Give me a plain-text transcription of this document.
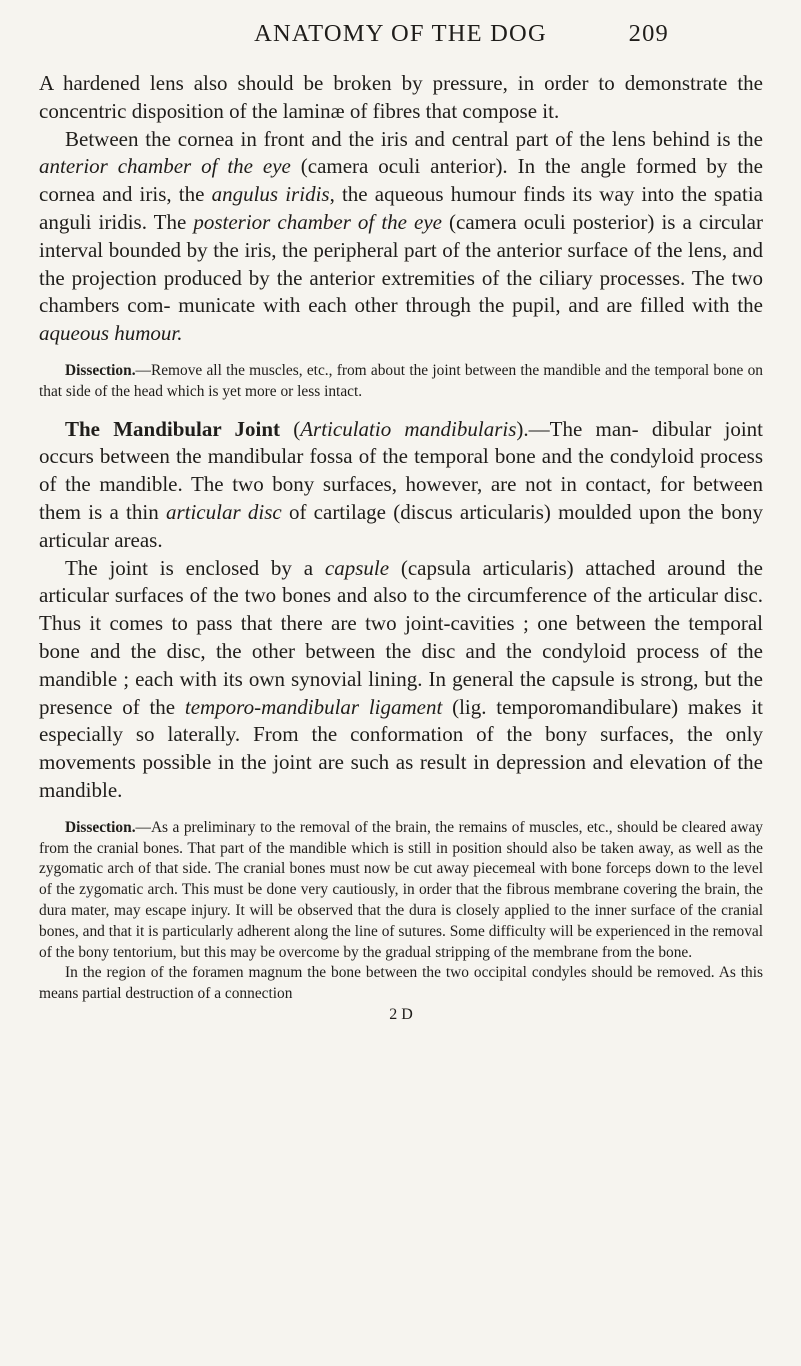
ANATOMY OF THE DOG	209

A hardened lens also should be broken by pressure, in order to demonstrate the concentric disposition of the laminæ of fibres that compose it.

Between the cornea in front and the iris and central part of the lens behind is the anterior chamber of the eye (camera oculi anterior). In the angle formed by the cornea and iris, the angulus iridis, the aqueous humour finds its way into the spatia anguli iridis. The posterior chamber of the eye (camera oculi posterior) is a circular interval bounded by the iris, the peripheral part of the anterior surface of the lens, and the projection produced by the anterior extremities of the ciliary processes. The two chambers com- municate with each other through the pupil, and are filled with the aqueous humour.

Dissection.—Remove all the muscles, etc., from about the joint between the mandible and the temporal bone on that side of the head which is yet more or less intact.

The Mandibular Joint (Articulatio mandibularis).—The man- dibular joint occurs between the mandibular fossa of the temporal bone and the condyloid process of the mandible. The two bony surfaces, however, are not in contact, for between them is a thin articular disc of cartilage (discus articularis) moulded upon the bony articular areas.

The joint is enclosed by a capsule (capsula articularis) attached around the articular surfaces of the two bones and also to the circumference of the articular disc. Thus it comes to pass that there are two joint-cavities ; one between the temporal bone and the disc, the other between the disc and the condyloid process of the mandible ; each with its own synovial lining. In general the capsule is strong, but the presence of the temporo-mandibular ligament (lig. temporomandibulare) makes it especially so laterally. From the conformation of the bony surfaces, the only movements possible in the joint are such as result in depression and elevation of the mandible.

Dissection.—As a preliminary to the removal of the brain, the remains of muscles, etc., should be cleared away from the cranial bones. That part of the mandible which is still in position should also be taken away, as well as the zygomatic arch of that side. The cranial bones must now be cut away piecemeal with bone forceps down to the level of the zygomatic arch. This must be done very cautiously, in order that the fibrous membrane covering the brain, the dura mater, may escape injury. It will be observed that the dura is closely applied to the inner surface of the cranial bones, and that it is particularly adherent along the line of sutures. Some difficulty will be experienced in the removal of the bony tentorium, but this may be overcome by the gradual stripping of the membrane from the bone.

In the region of the foramen magnum the bone between the two occipital condyles should be removed. As this means partial destruction of a connection

2 D
